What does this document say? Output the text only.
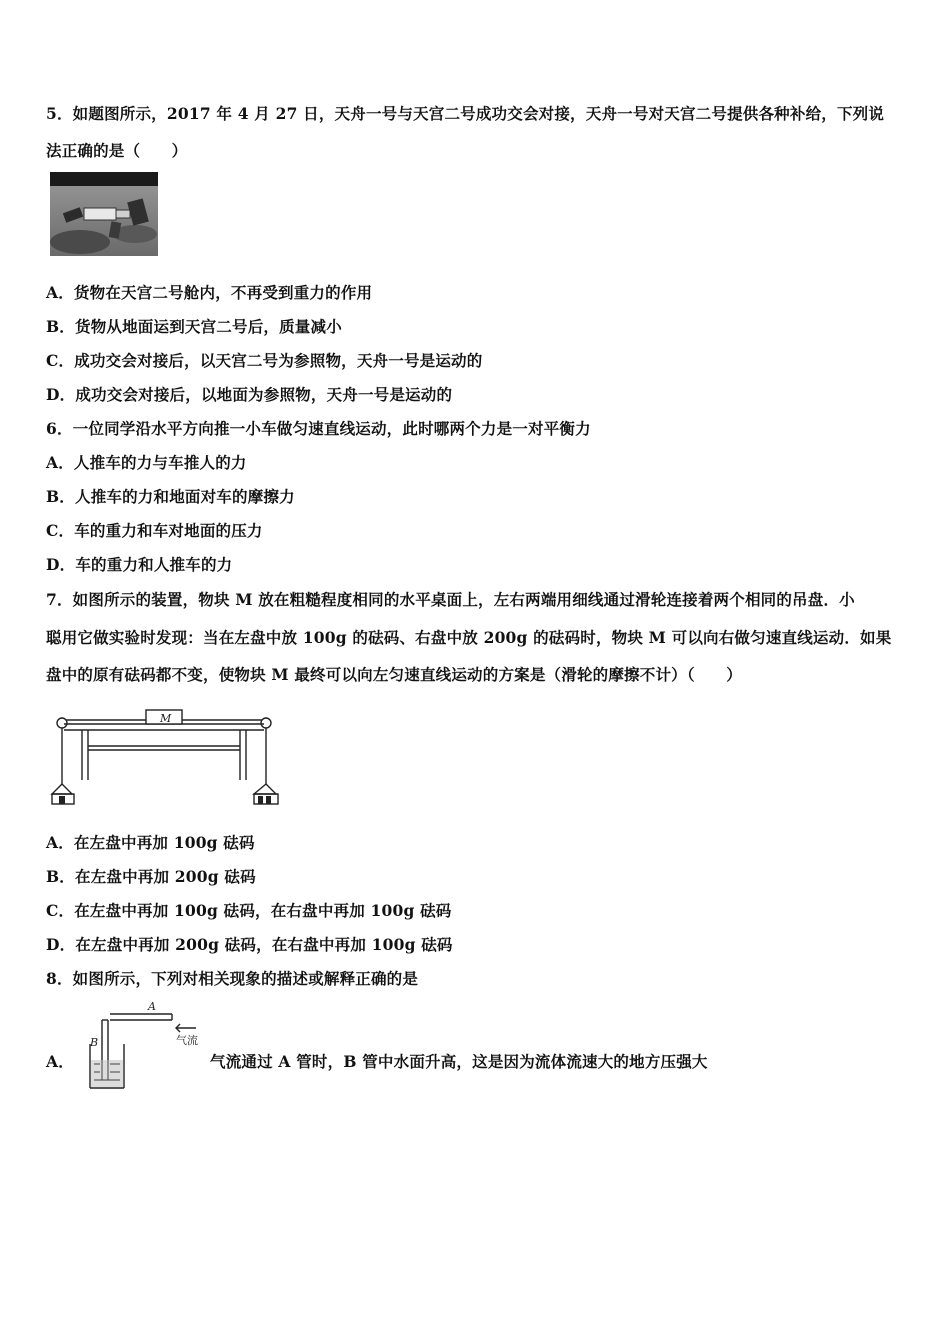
5．如题图所示，2017 年 4 月 27 日，天舟一号与天宫二号成功交会对接，天舟一号对天宫二号提供各种补给，下列说
法正确的是（　　）
A．货物在天宫二号舱内，不再受到重力的作用
B．货物从地面运到天宫二号后，质量减小
C．成功交会对接后，以天宫二号为参照物，天舟一号是运动的
D．成功交会对接后，以地面为参照物，天舟一号是运动的
6．一位同学沿水平方向推一小车做匀速直线运动，此时哪两个力是一对平衡力
A．人推车的力与车推人的力
B．人推车的力和地面对车的摩擦力
C．车的重力和车对地面的压力
D．车的重力和人推车的力
7．如图所示的装置，物块 M 放在粗糙程度相同的水平桌面上，左右两端用细线通过滑轮连接着两个相同的吊盘．小
聪用它做实验时发现：当在左盘中放 100g 的砝码、右盘中放 200g 的砝码时，物块 M 可以向右做匀速直线运动．如果
盘中的原有砝码都不变，使物块 M 最终可以向左匀速直线运动的方案是（滑轮的摩擦不计）（　　）
M
A．在左盘中再加 100g 砝码
B．在左盘中再加 200g 砝码
C．在左盘中再加 100g 砝码，在右盘中再加 100g 砝码
D．在左盘中再加 200g 砝码，在右盘中再加 100g 砝码
8．如图所示，下列对相关现象的描述或解释正确的是
A．
A
B	气流
气流通过 A 管时，B 管中水面升高，这是因为流体流速大的地方压强大
